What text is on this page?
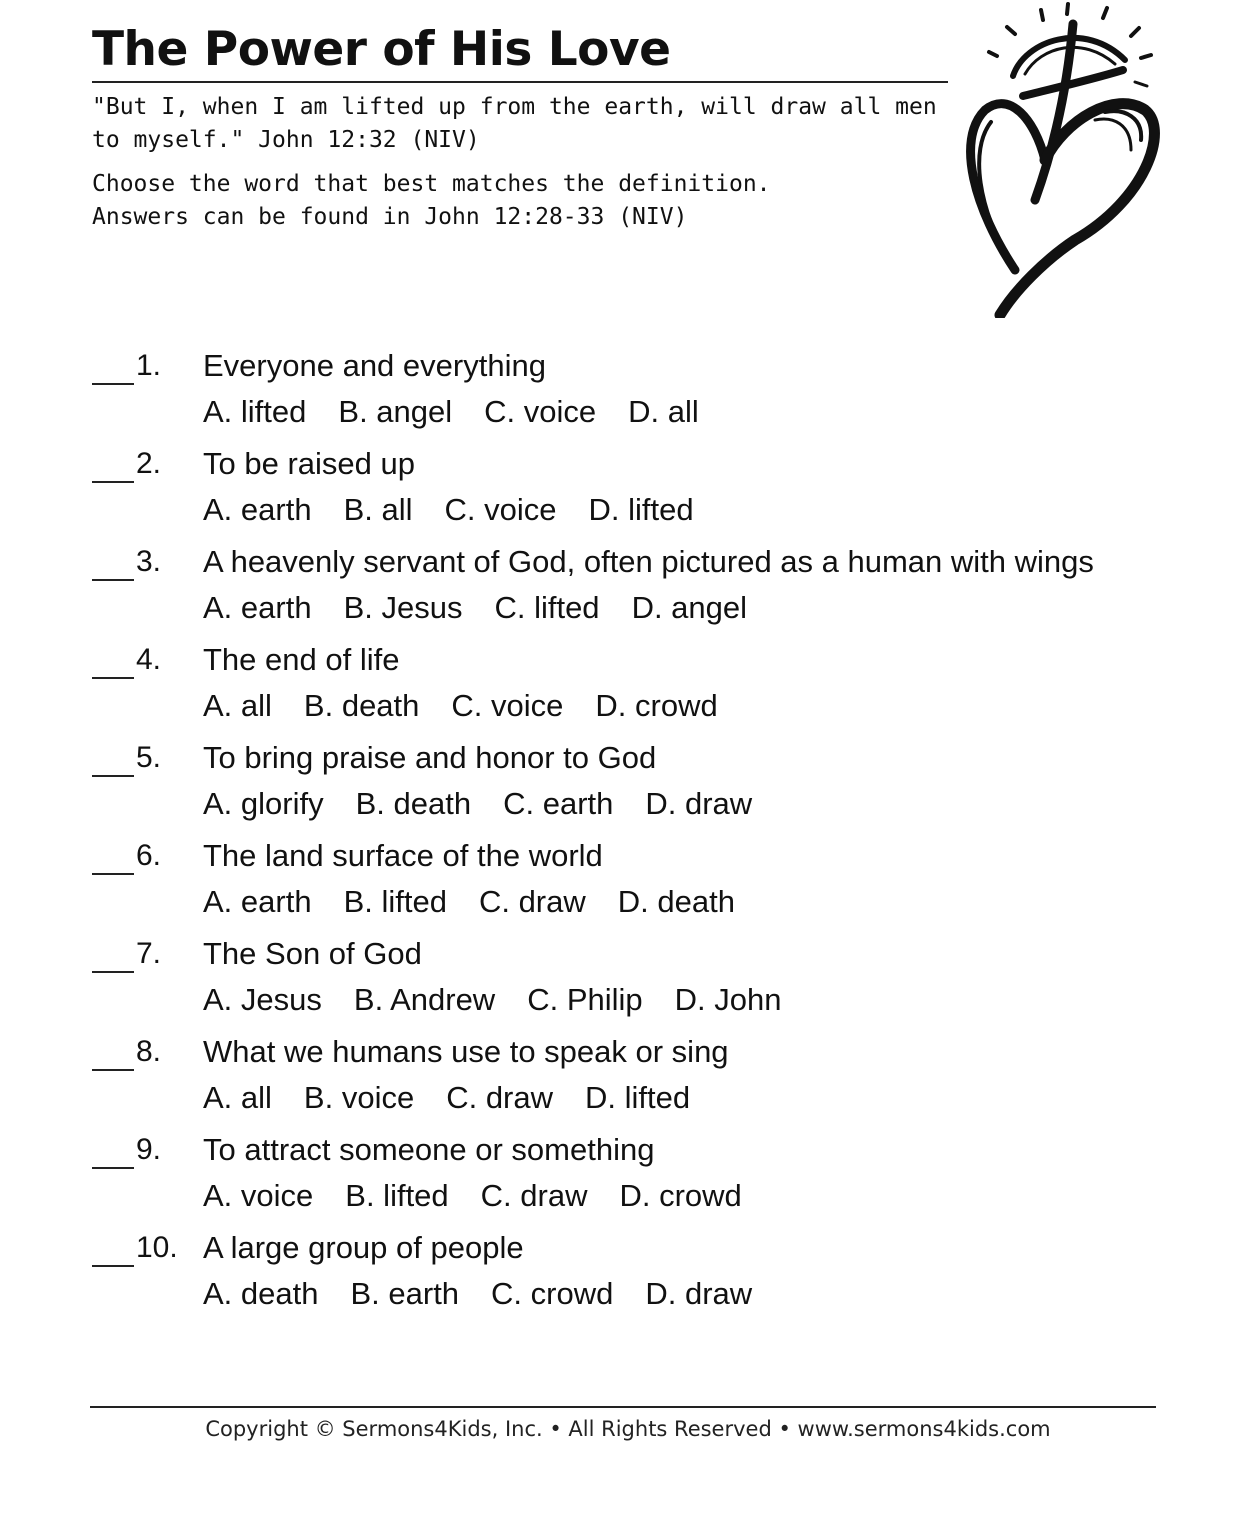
The Power of His Love

"But I, when I am lifted up from the earth, will draw all men
to myself." John 12:32 (NIV)

Choose the word that best matches the definition.
Answers can be found in John 12:28-33 (NIV)

1. Everyone and everything
A. lifted B. angel C. voice D. all
2. To be raised up
A. earth B. all C. voice D. lifted
3. A heavenly servant of God, often pictured as a human with wings
A. earth B. Jesus C. lifted D. angel
4. The end of life
A. all B. death C. voice D. crowd
5. To bring praise and honor to God
A. glorify B. death C. earth D. draw
6. The land surface of the world
A. earth B. lifted C. draw D. death
7. The Son of God
A. Jesus B. Andrew C. Philip D. John
8. What we humans use to speak or sing
A. all B. voice C. draw D. lifted
9. To attract someone or something
A. voice B. lifted C. draw D. crowd
10. A large group of people
A. death B. earth C. crowd D. draw
Copyright © Sermons4Kids, Inc. • All Rights Reserved • www.sermons4kids.com
